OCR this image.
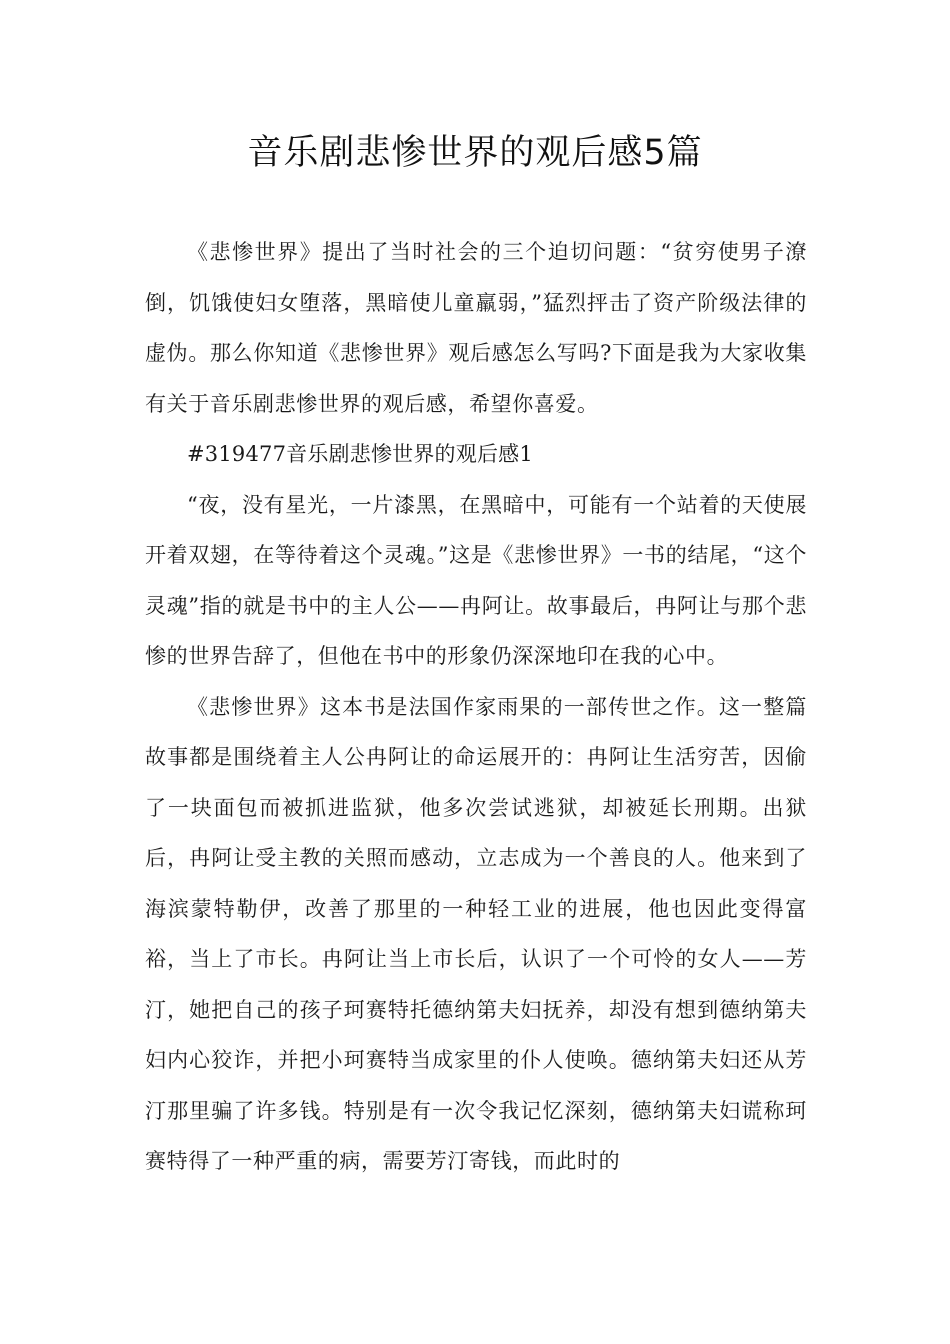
音乐剧悲惨世界的观后感5篇

《悲惨世界》提出了当时社会的三个迫切问题：“贫穷使男子潦倒，饥饿使妇女堕落，黑暗使儿童羸弱，”猛烈抨击了资产阶级法律的虚伪。那么你知道《悲惨世界》观后感怎么写吗?下面是我为大家收集有关于音乐剧悲惨世界的观后感，希望你喜爱。

#319477音乐剧悲惨世界的观后感1

“夜，没有星光，一片漆黑，在黑暗中，可能有一个站着的天使展开着双翅，在等待着这个灵魂。”这是《悲惨世界》一书的结尾，“这个灵魂”指的就是书中的主人公——冉阿让。故事最后，冉阿让与那个悲惨的世界告辞了，但他在书中的形象仍深深地印在我的心中。

《悲惨世界》这本书是法国作家雨果的一部传世之作。这一整篇故事都是围绕着主人公冉阿让的命运展开的：冉阿让生活穷苦，因偷了一块面包而被抓进监狱，他多次尝试逃狱，却被延长刑期。出狱后，冉阿让受主教的关照而感动，立志成为一个善良的人。他来到了海滨蒙特勒伊，改善了那里的一种轻工业的进展，他也因此变得富裕，当上了市长。冉阿让当上市长后，认识了一个可怜的女人——芳汀，她把自己的孩子珂赛特托德纳第夫妇抚养，却没有想到德纳第夫妇内心狡诈，并把小珂赛特当成家里的仆人使唤。德纳第夫妇还从芳汀那里骗了许多钱。特别是有一次令我记忆深刻，德纳第夫妇谎称珂赛特得了一种严重的病，需要芳汀寄钱，而此时的
